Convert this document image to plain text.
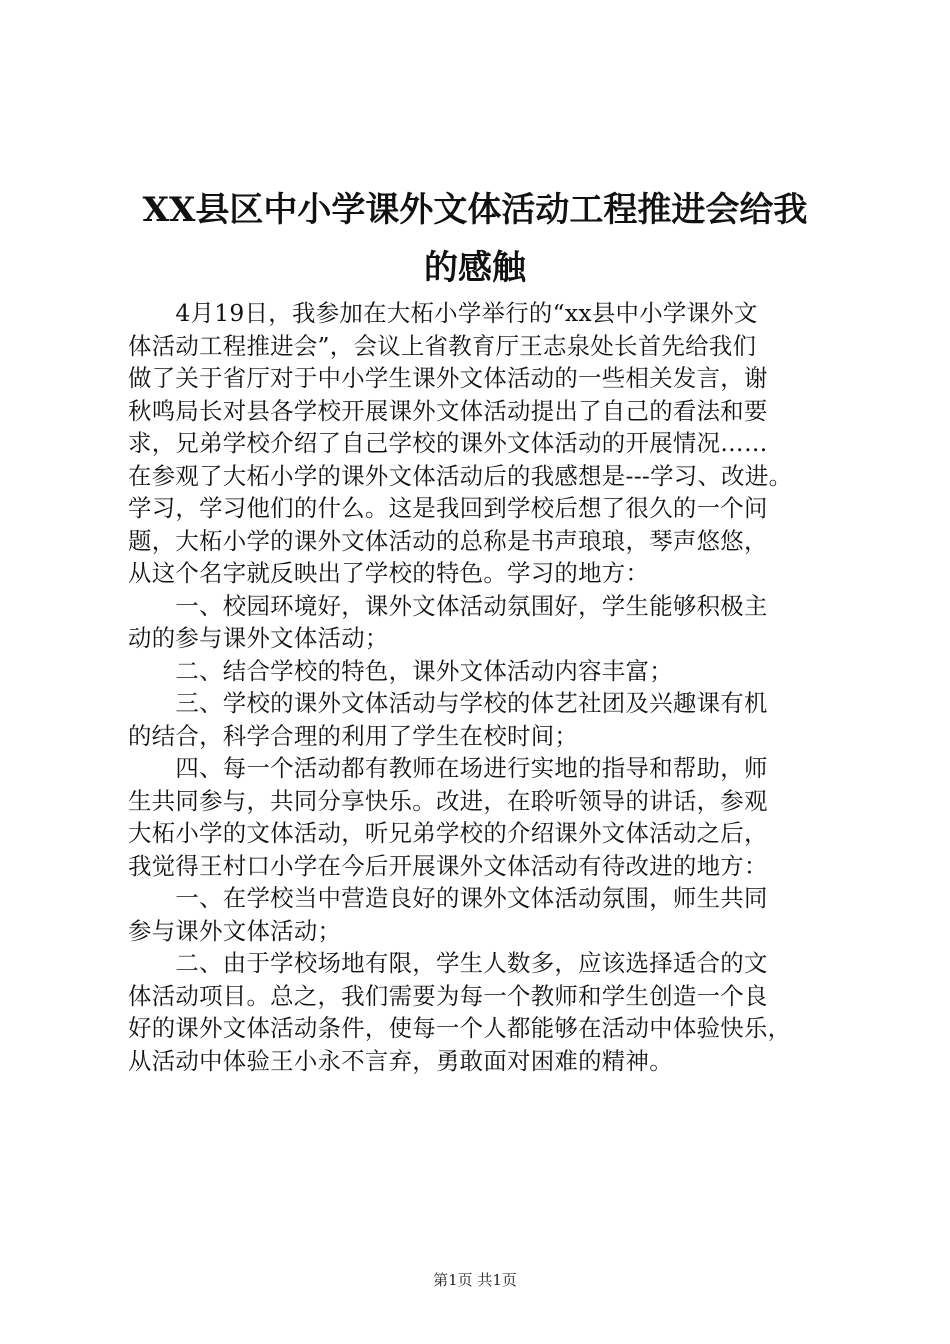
XX县区中小学课外文体活动工程推进会给我
的感触
　　4月19日，我参加在大柘小学举行的“xx县中小学课外文
体活动工程推进会”，会议上省教育厅王志泉处长首先给我们
做了关于省厅对于中小学生课外文体活动的一些相关发言，谢
秋鸣局长对县各学校开展课外文体活动提出了自己的看法和要
求，兄弟学校介绍了自己学校的课外文体活动的开展情况……
在参观了大柘小学的课外文体活动后的我感想是---学习、改进。
学习，学习他们的什么。这是我回到学校后想了很久的一个问
题，大柘小学的课外文体活动的总称是书声琅琅，琴声悠悠，
从这个名字就反映出了学校的特色。学习的地方：
　　一、校园环境好，课外文体活动氛围好，学生能够积极主
动的参与课外文体活动；
　　二、结合学校的特色，课外文体活动内容丰富；
　　三、学校的课外文体活动与学校的体艺社团及兴趣课有机
的结合，科学合理的利用了学生在校时间；
　　四、每一个活动都有教师在场进行实地的指导和帮助，师
生共同参与，共同分享快乐。改进，在聆听领导的讲话，参观
大柘小学的文体活动，听兄弟学校的介绍课外文体活动之后，
我觉得王村口小学在今后开展课外文体活动有待改进的地方：
　　一、在学校当中营造良好的课外文体活动氛围，师生共同
参与课外文体活动；
　　二、由于学校场地有限，学生人数多，应该选择适合的文
体活动项目。总之，我们需要为每一个教师和学生创造一个良
好的课外文体活动条件，使每一个人都能够在活动中体验快乐，
从活动中体验王小永不言弃，勇敢面对困难的精神。
第1页 共1页
